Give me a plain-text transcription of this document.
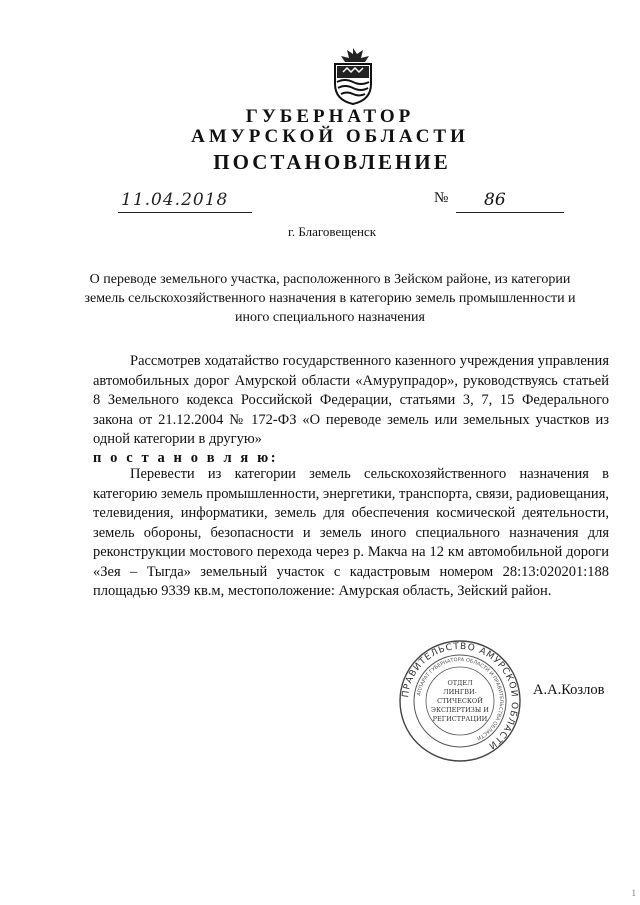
ГУБЕРНАТОР
АМУРСКОЙ ОБЛАСТИ
ПОСТАНОВЛЕНИЕ
11.04.2018	№ 86
г. Благовещенск
О переводе земельного участка, расположенного в Зейском районе, из категории земель сельскохозяйственного назначения в категорию земель промышленности и иного специального назначения
Рассмотрев ходатайство государственного казенного учреждения управления автомобильных дорог Амурской области «Амурупрадор», руководствуясь статьей 8 Земельного кодекса Российской Федерации, статьями 3, 7, 15 Федерального закона от 21.12.2004 № 172-ФЗ «О переводе земель или земельных участков из одной категории в другую»
п о с т а н о в л я ю:
Перевести из категории земель сельскохозяйственного назначения в категорию земель промышленности, энергетики, транспорта, связи, радиовещания, телевидения, информатики, земель для обеспечения космической деятельности, земель обороны, безопасности и земель иного специального назначения для реконструкции мостового перехода через р. Макча на 12 км автомобильной дороги «Зея – Тыгда» земельный участок с кадастровым номером 28:13:020201:188 площадью 9339 кв.м, местоположение: Амурская область, Зейский район.
ПРАВИТЕЛЬСТВО АМУРСКОЙ ОБЛАСТИ
АППАРАТ ГУБЕРНАТОРА ОБЛАСТИ И ПРАВИТЕЛЬСТВА ОБЛАСТИ
ОТДЕЛ
ЛИНГВИ-
СТИЧЕСКОЙ
ЭКСПЕРТИЗЫ И
РЕГИСТРАЦИИ
А.А.Козлов
1
